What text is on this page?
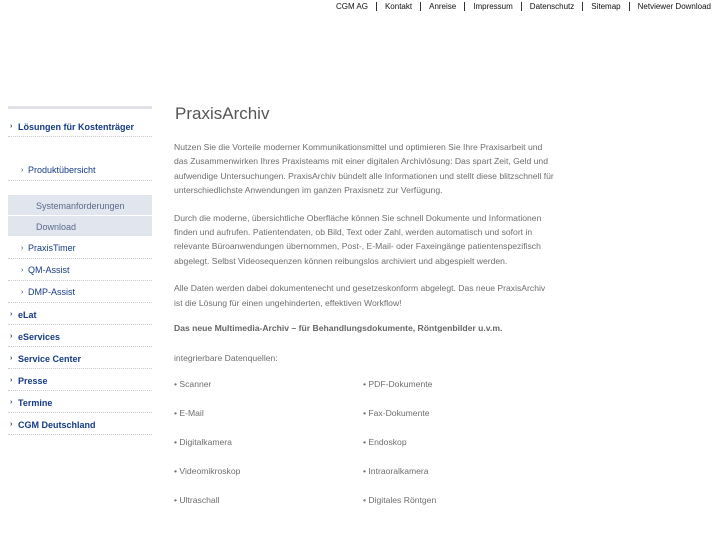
CGM AG	Kontakt	Anreise	Impressum	Datenschutz	Sitemap	Netviewer Download
› Lösungen für Kostenträger
› Produktübersicht
Systemanforderungen
Download
› PraxisTimer
› QM-Assist
› DMP-Assist
› eLat
› eServices
› Service Center
› Presse
› Termine
› CGM Deutschland
PraxisArchiv

Nutzen Sie die Vorteile moderner Kommunikationsmittel und optimieren Sie Ihre Praxisarbeit und das Zusammenwirken Ihres Praxisteams mit einer digitalen Archivlösung: Das spart Zeit, Geld und aufwendige Untersuchungen. PraxisArchiv bündelt alle Informationen und stellt diese blitzschnell für unterschiedlichste Anwendungen im ganzen Praxisnetz zur Verfügung.

Durch die moderne, übersichtliche Oberfläche können Sie schnell Dokumente und Informationen finden und aufrufen. Patientendaten, ob Bild, Text oder Zahl, werden automatisch und sofort in relevante Büroanwendungen übernommen, Post-, E-Mail- oder Faxeingänge patientenspezifisch abgelegt. Selbst Videosequenzen können reibungslos archiviert und abgespielt werden.

Alle Daten werden dabei dokumentenecht und gesetzeskonform abgelegt. Das neue PraxisArchiv ist die Lösung für einen ungehinderten, effektiven Workflow!

Das neue Multimedia-Archiv – für Behandlungsdokumente, Röntgenbilder u.v.m.

integrierbare Datenquellen:

• Scanner	• PDF-Dokumente
• E-Mail	• Fax-Dokumente
• Digitalkamera	• Endoskop
• Videomikroskop	• Intraoralkamera
• Ultraschall	• Digitales Röntgen
